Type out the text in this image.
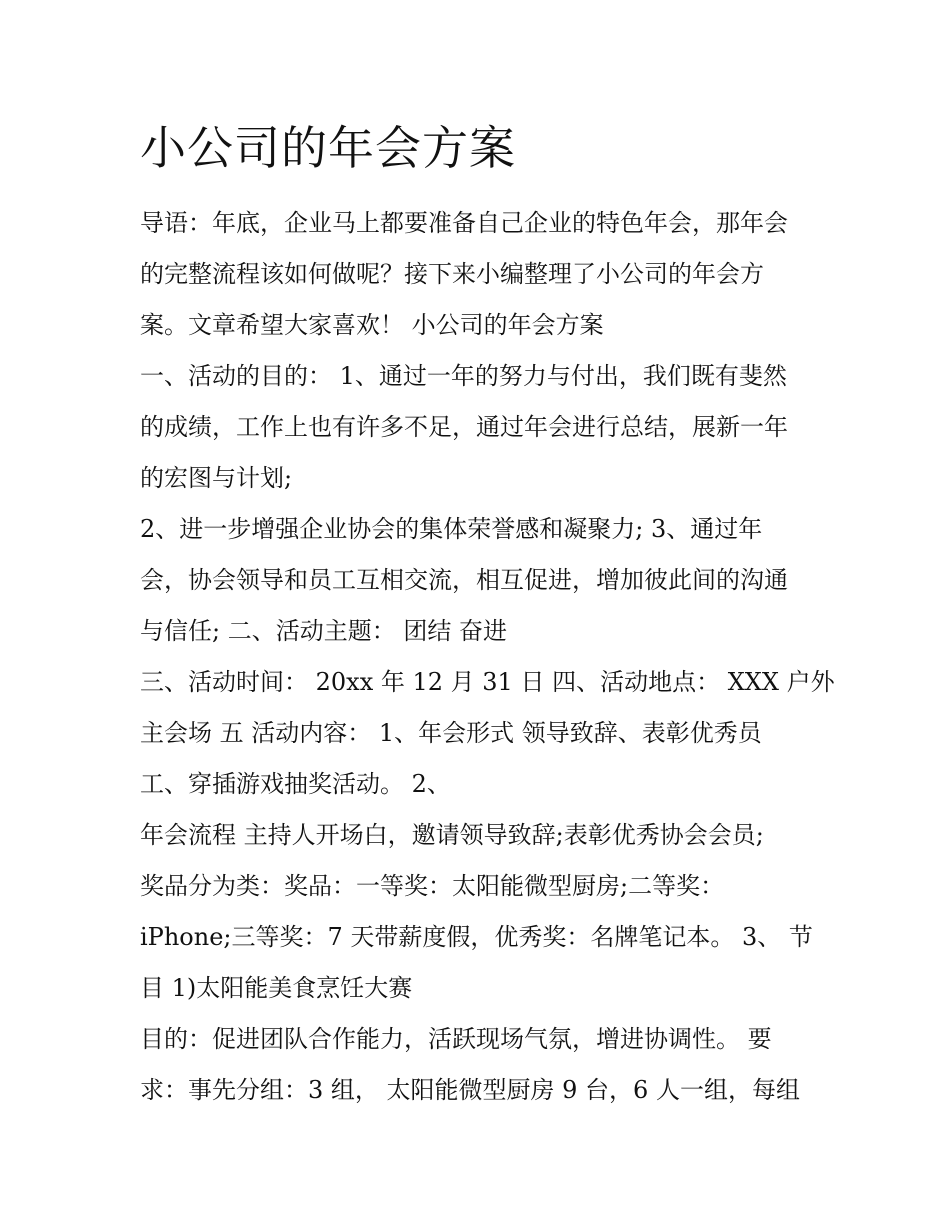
小公司的年会方案
导语：年底，企业马上都要准备自己企业的特色年会，那年会
的完整流程该如何做呢？接下来小编整理了小公司的年会方
案。文章希望大家喜欢！ 小公司的年会方案
一、活动的目的： 1、通过一年的努力与付出，我们既有斐然
的成绩，工作上也有许多不足，通过年会进行总结，展新一年
的宏图与计划;
2、进一步增强企业协会的集体荣誉感和凝聚力; 3、通过年
会，协会领导和员工互相交流，相互促进，增加彼此间的沟通
与信任; 二、活动主题： 团结 奋进
三、活动时间： 20xx 年 12 月 31 日 四、活动地点： XXX 户外
主会场 五 活动内容： 1、年会形式 领导致辞、表彰优秀员
工、穿插游戏抽奖活动。 2、
年会流程 主持人开场白，邀请领导致辞;表彰优秀协会会员;
奖品分为类：奖品：一等奖：太阳能微型厨房;二等奖：
iPhone;三等奖：7 天带薪度假，优秀奖：名牌笔记本。 3、 节
目 1)太阳能美食烹饪大赛
目的：促进团队合作能力，活跃现场气氛，增进协调性。 要
求：事先分组：3 组， 太阳能微型厨房 9 台，6 人一组，每组
